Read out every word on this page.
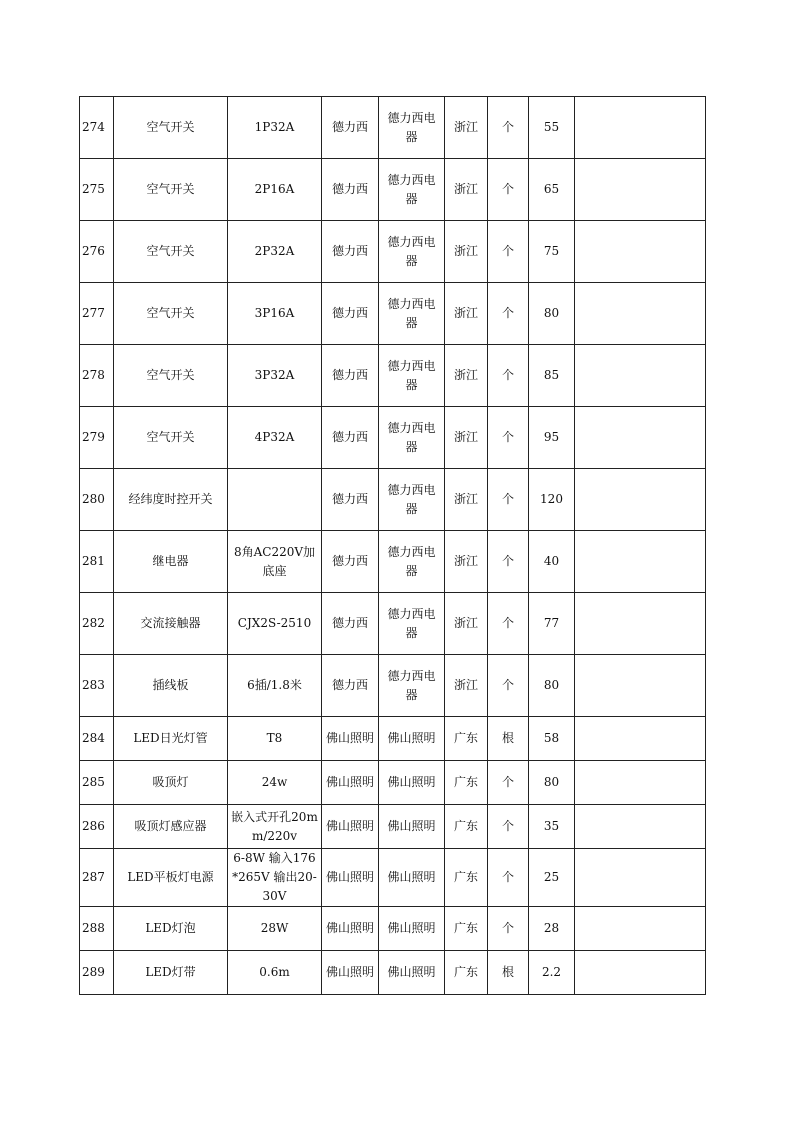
274	空气开关	1P32A	德力西	德力西电器	浙江	个	55	
275	空气开关	2P16A	德力西	德力西电器	浙江	个	65	
276	空气开关	2P32A	德力西	德力西电器	浙江	个	75	
277	空气开关	3P16A	德力西	德力西电器	浙江	个	80	
278	空气开关	3P32A	德力西	德力西电器	浙江	个	85	
279	空气开关	4P32A	德力西	德力西电器	浙江	个	95	
280	经纬度时控开关		德力西	德力西电器	浙江	个	120	
281	继电器	8角AC220V加底座	德力西	德力西电器	浙江	个	40	
282	交流接触器	CJX2S-2510	德力西	德力西电器	浙江	个	77	
283	插线板	6插/1.8米	德力西	德力西电器	浙江	个	80	
284	LED日光灯管	T8	佛山照明	佛山照明	广东	根	58	
285	吸顶灯	24w	佛山照明	佛山照明	广东	个	80	
286	吸顶灯感应器	嵌入式开孔20mm/220v	佛山照明	佛山照明	广东	个	35	
287	LED平板灯电源	6-8W 输入176*265V 输出20-30V	佛山照明	佛山照明	广东	个	25	
288	LED灯泡	28W	佛山照明	佛山照明	广东	个	28	
289	LED灯带	0.6m	佛山照明	佛山照明	广东	根	2.2	
